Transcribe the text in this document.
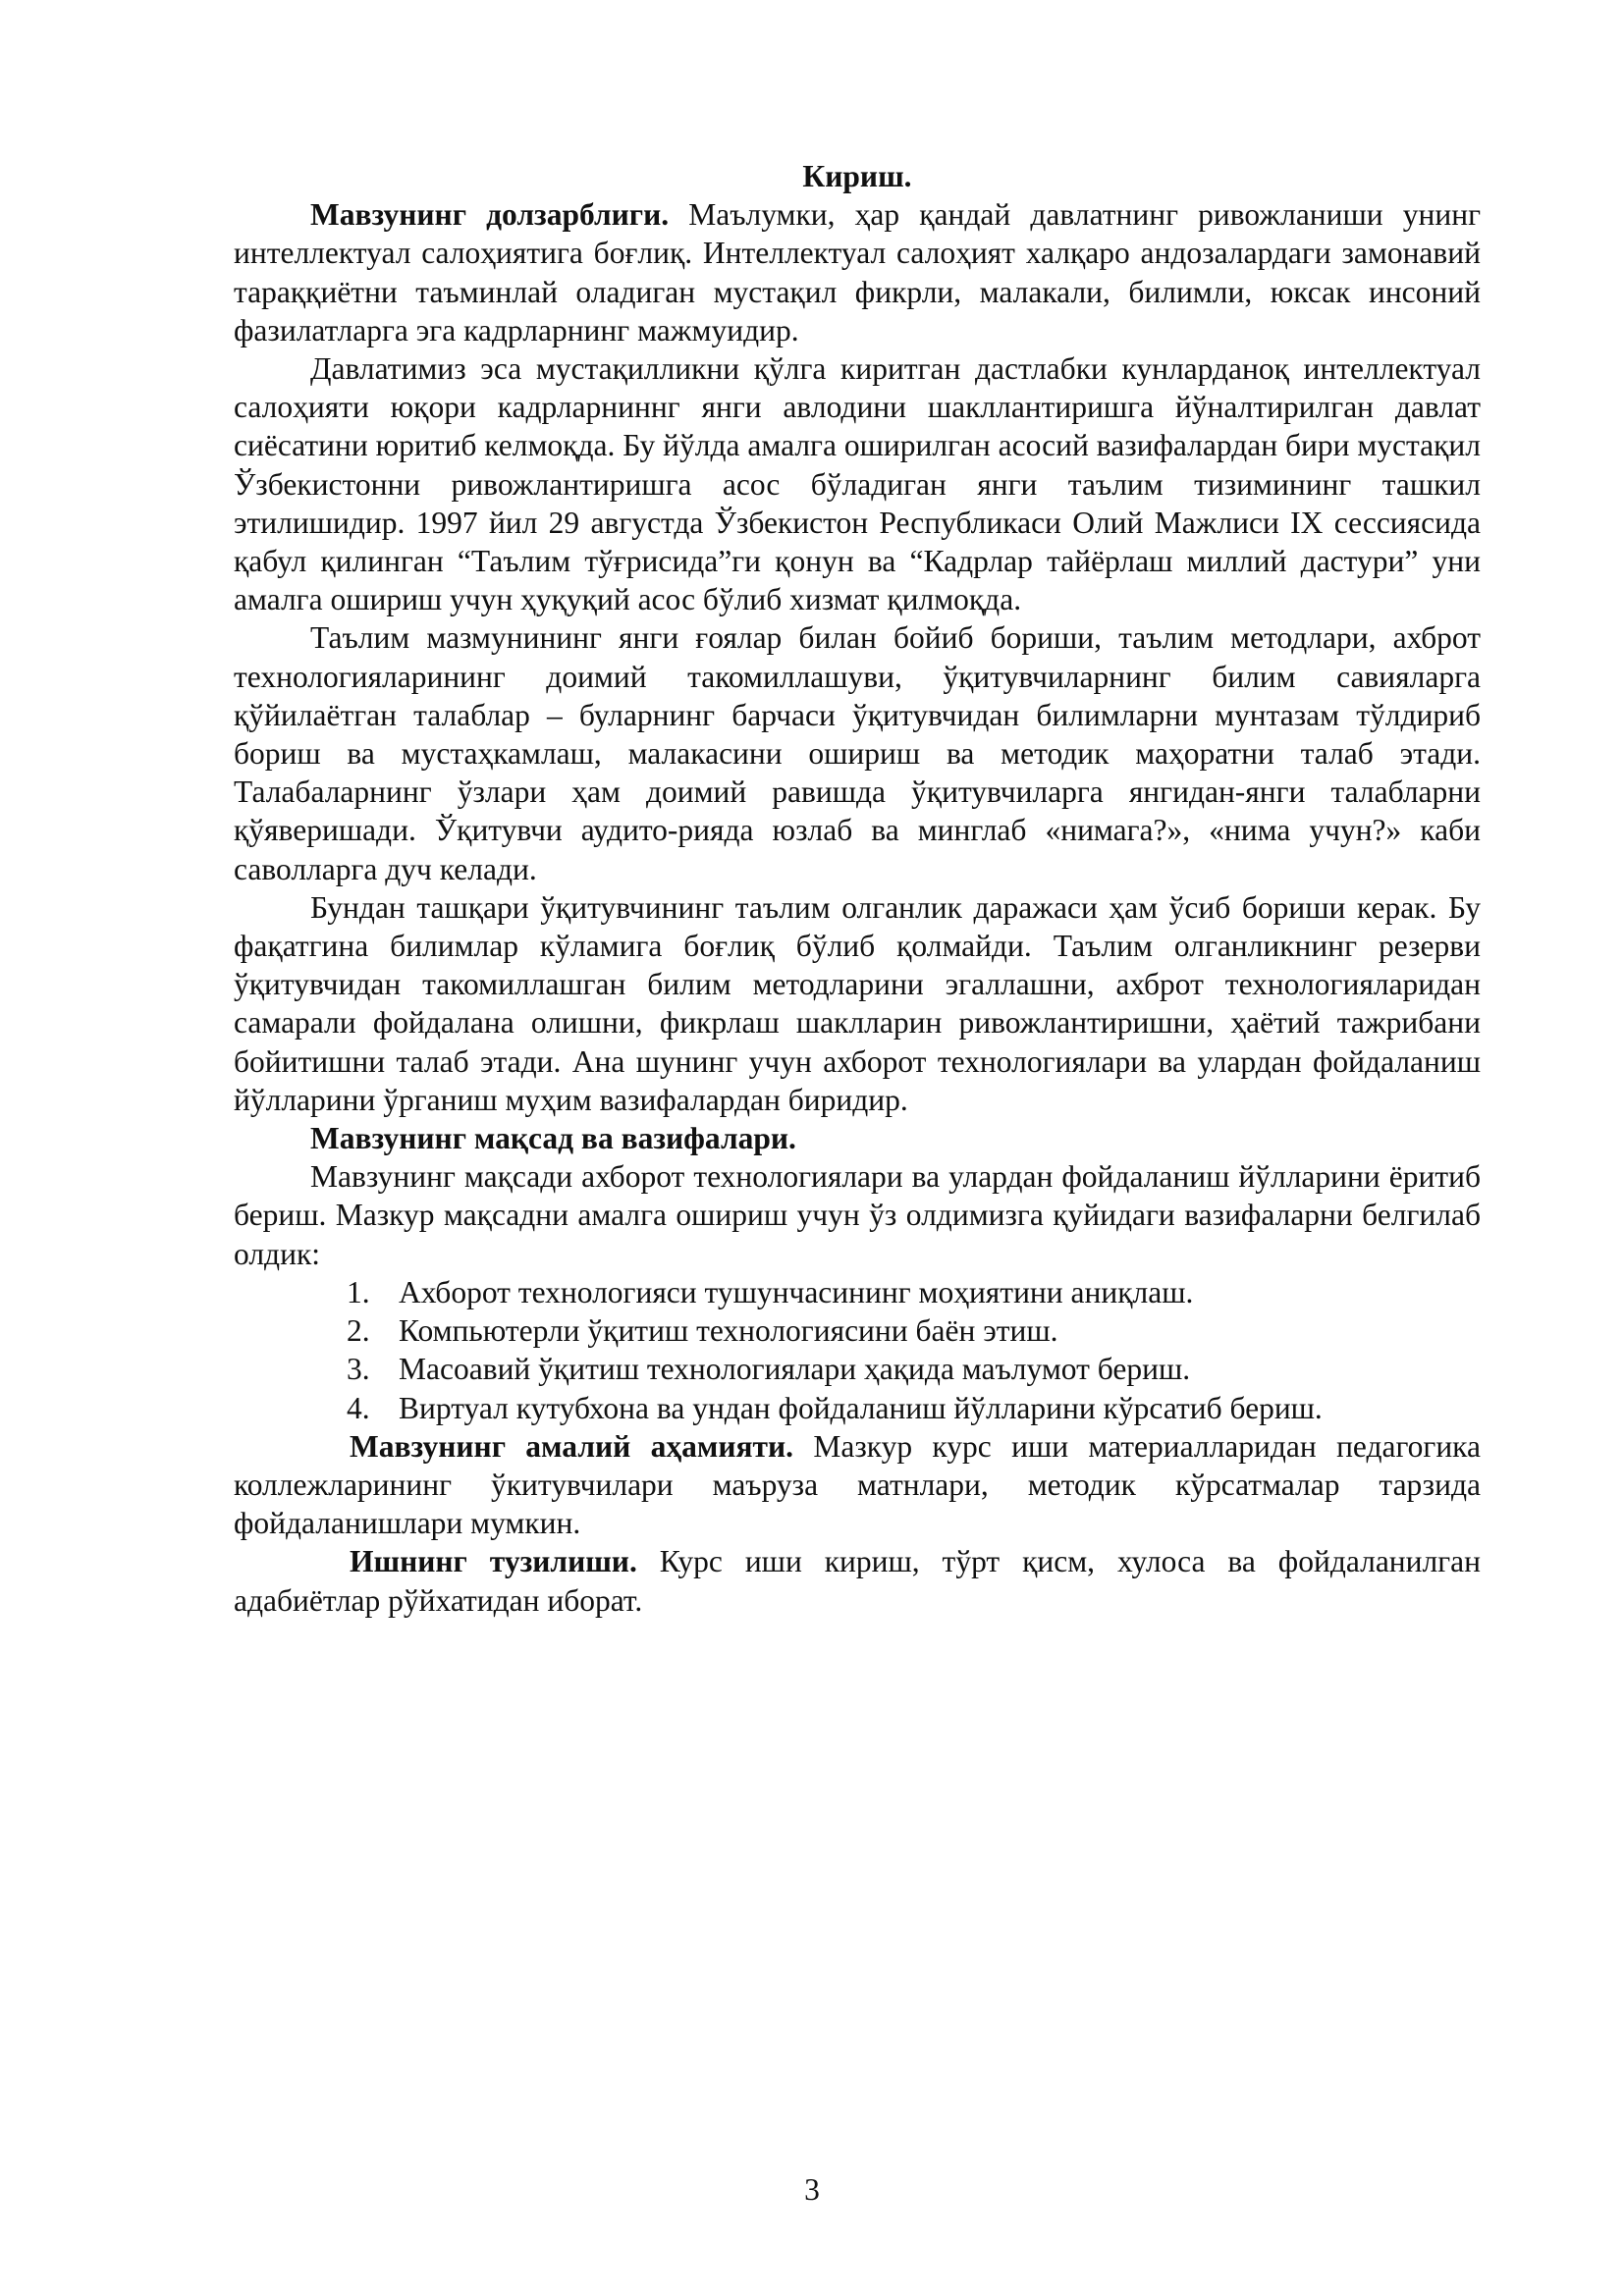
Кириш.

Мавзунинг долзарблиги. Маълумки, ҳар қандай давлатнинг ривожланиши унинг интеллектуал салоҳиятига боғлиқ. Интеллектуал салоҳият халқаро андозалардаги замонавий тараққиётни таъминлай оладиган мустақил фикрли, малакали, билимли, юксак инсоний фазилатларга эга кадрларнинг мажмуидир.

Давлатимиз эса мустақилликни қўлга киритган дастлабки кунларданоқ интеллектуал салоҳияти юқори кадрларниннг янги авлодини шакллантиришга йўналтирилган давлат сиёсатини юритиб келмоқда. Бу йўлда амалга оширилган асосий вазифалардан бири мустақил Ўзбекистонни ривожлантиришга асос бўладиган янги таълим тизимининг ташкил этилишидир. 1997 йил 29 августда Ўзбекистон Республикаси Олий Мажлиси IX сессиясида қабул қилинган “Таълим тўғрисида”ги қонун ва “Кадрлар тайёрлаш миллий дастури” уни амалга ошириш учун ҳуқуқий асос бўлиб хизмат қилмоқда.

Таълим мазмунининг янги ғоялар билан бойиб бориши, таълим методлари, ахброт технологияларининг доимий такомиллашуви, ўқитувчиларнинг билим савияларга қўйилаётган талаблар – буларнинг барчаси ўқитувчидан билимларни мунтазам тўлдириб бориш ва мустаҳкамлаш, малакасини ошириш ва методик маҳоратни талаб этади. Талабаларнинг ўзлари ҳам доимий равишда ўқитувчиларга янгидан-янги талабларни қўяверишади. Ўқитувчи аудито-рияда юзлаб ва минглаб «нимага?», «нима учун?» каби саволларга дуч келади.

Бундан ташқари ўқитувчининг таълим олганлик даражаси ҳам ўсиб бориши керак. Бу фақатгина билимлар кўламига боғлиқ бўлиб қолмайди. Таълим олганликнинг резерви ўқитувчидан такомиллашган билим методларини эгаллашни, ахброт технологияларидан самарали фойдалана олишни, фикрлаш шаклларин ривожлантиришни, ҳаётий тажрибани бойитишни талаб этади. Ана шунинг учун ахборот технологиялари ва улардан фойдаланиш йўлларини ўрганиш муҳим вазифалардан биридир.

Мавзунинг мақсад ва вазифалари.

Мавзунинг мақсади ахборот технологиялари ва улардан фойдаланиш йўлларини ёритиб бериш. Мазкур мақсадни амалга ошириш учун ўз олдимизга қуйидаги вазифаларни белгилаб олдик:

1. Ахборот технологияси тушунчасининг моҳиятини аниқлаш.
2. Компьютерли ўқитиш технологиясини баён этиш.
3. Масоавий ўқитиш технологиялари ҳақида маълумот бериш.
4. Виртуал кутубхона ва ундан фойдаланиш йўлларини кўрсатиб бериш.

Мавзунинг амалий аҳамияти. Мазкур курс иши материалларидан педагогика коллежларининг ўкитувчилари маъруза матнлари, методик кўрсатмалар тарзида фойдаланишлари мумкин.

Ишнинг тузилиши. Курс иши кириш, тўрт қисм, хулоса ва фойдаланилган адабиётлар рўйхатидан иборат.

3
